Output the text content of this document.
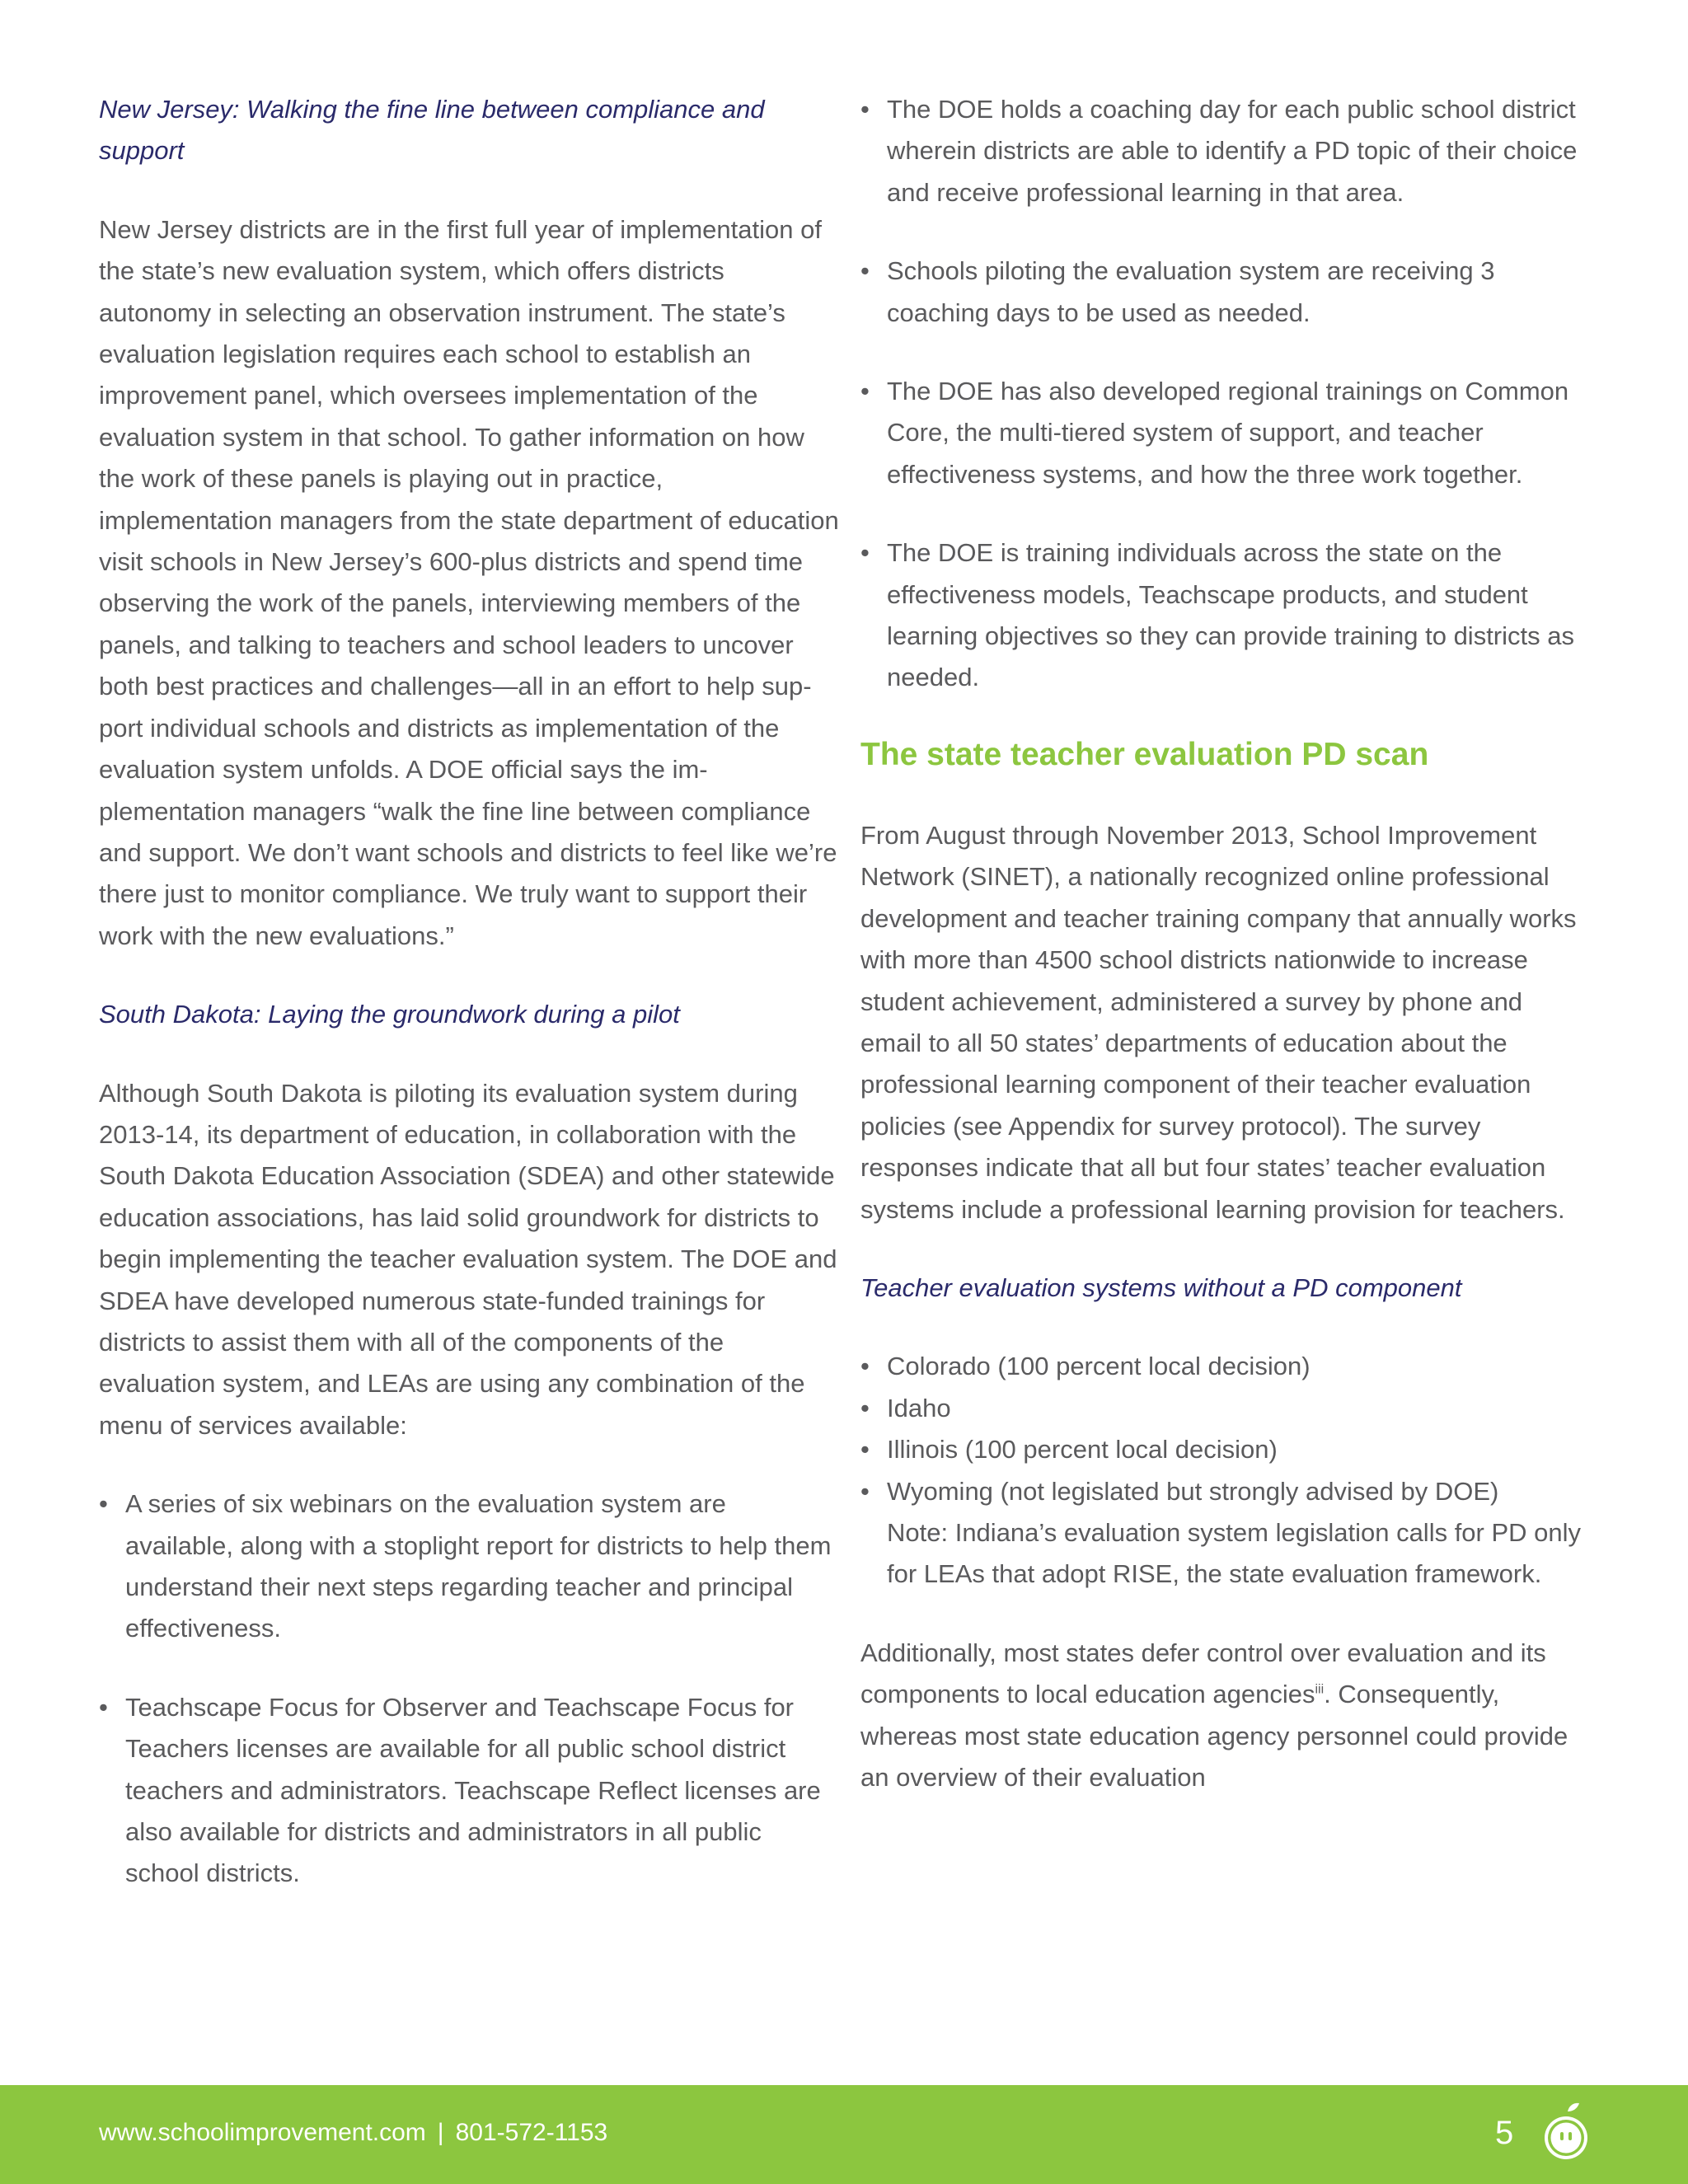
New Jersey: Walking the fine line between compliance and support

New Jersey districts are in the first full year of implementation of the state’s new evaluation system, which offers districts autonomy in selecting an observation instrument. The state’s evaluation legislation requires each school to establish an improvement panel, which oversees implementation of the evaluation system in that school. To gather information on how the work of these panels is playing out in practice, implementation managers from the state department of education visit schools in New Jersey’s 600-plus districts and spend time observing the work of the panels, interviewing members of the panels, and talking to teachers and school leaders to uncover both best practices and challenges—all in an effort to help support individual schools and districts as implementation of the evaluation system unfolds. A DOE official says the implementation managers “walk the fine line between compliance and support. We don’t want schools and districts to feel like we’re there just to monitor compliance. We truly want to support their work with the new evaluations.”

South Dakota: Laying the groundwork during a pilot

Although South Dakota is piloting its evaluation system during 2013-14, its department of education, in collaboration with the South Dakota Education Association (SDEA) and other statewide education associations, has laid solid groundwork for districts to begin implementing the teacher evaluation system. The DOE and SDEA have developed numerous state-funded trainings for districts to assist them with all of the components of the evaluation system, and LEAs are using any combination of the menu of services available:

• A series of six webinars on the evaluation system are available, along with a stoplight report for districts to help them understand their next steps regarding teacher and principal effectiveness.
• Teachscape Focus for Observer and Teachscape Focus for Teachers licenses are available for all public school district teachers and administrators. Teachscape Reflect licenses are also available for districts and administrators in all public school districts.
• The DOE holds a coaching day for each public school district wherein districts are able to identify a PD topic of their choice and receive professional learning in that area.
• Schools piloting the evaluation system are receiving 3 coaching days to be used as needed.
• The DOE has also developed regional trainings on Common Core, the multi-tiered system of support, and teacher effectiveness systems, and how the three work together.
• The DOE is training individuals across the state on the effectiveness models, Teachscape products, and student learning objectives so they can provide training to districts as needed.
The state teacher evaluation PD scan

From August through November 2013, School Improvement Network (SINET), a nationally recognized online professional development and teacher training company that annually works with more than 4500 school districts nationwide to increase student achievement, administered a survey by phone and email to all 50 states’ departments of education about the professional learning component of their teacher evaluation policies (see Appendix for survey protocol). The survey responses indicate that all but four states’ teacher evaluation systems include a professional learning provision for teachers.

Teacher evaluation systems without a PD component

• Colorado (100 percent local decision)
• Idaho
• Illinois (100 percent local decision)
• Wyoming (not legislated but strongly advised by DOE)
Note: Indiana’s evaluation system legislation calls for PD only for LEAs that adopt RISE, the state evaluation framework.

Additionally, most states defer control over evaluation and its components to local education agencies$^{iii}$. Consequently, whereas most state education agency personnel could provide an overview of their evaluation

www.schoolimprovement.com | 801-572-1153	5
